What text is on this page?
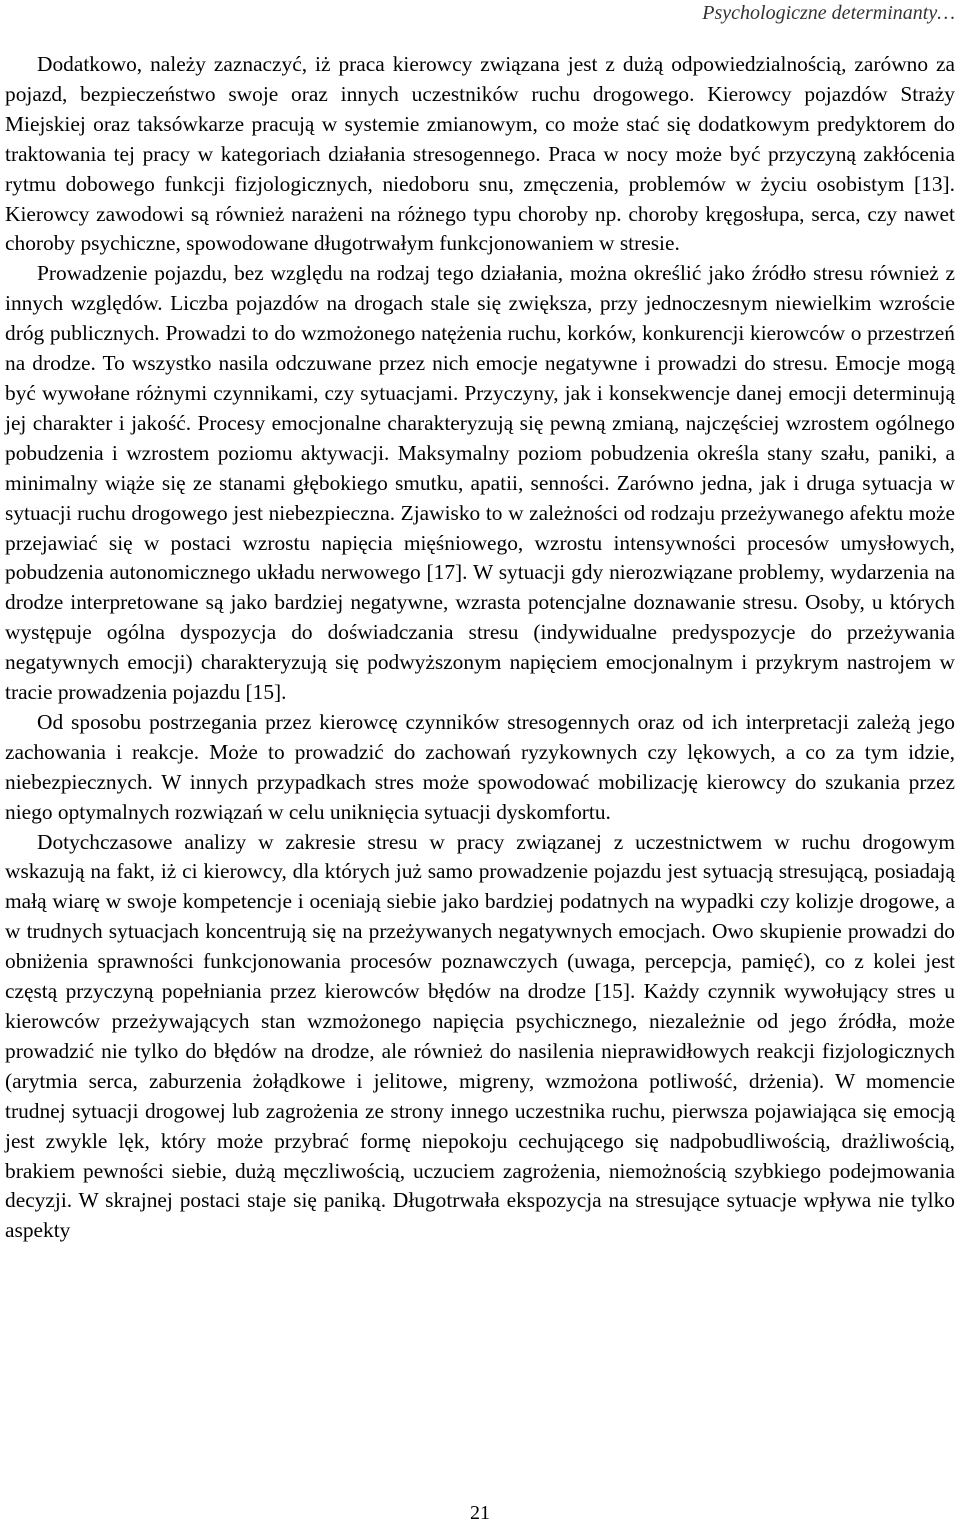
Psychologiczne determinanty…

Dodatkowo, należy zaznaczyć, iż praca kierowcy związana jest z dużą odpowiedzialnością, zarówno za pojazd, bezpieczeństwo swoje oraz innych uczestników ruchu drogowego. Kierowcy pojazdów Straży Miejskiej oraz taksówkarze pracują w systemie zmianowym, co może stać się dodatkowym predyktorem do traktowania tej pracy w kategoriach działania stresogennego. Praca w nocy może być przyczyną zakłócenia rytmu dobowego funkcji fizjologicznych, niedoboru snu, zmęczenia, problemów w życiu osobistym [13]. Kierowcy zawodowi są również narażeni na różnego typu choroby np. choroby kręgosłupa, serca, czy nawet choroby psychiczne, spowodowane długotrwałym funkcjonowaniem w stresie.

Prowadzenie pojazdu, bez względu na rodzaj tego działania, można określić jako źródło stresu również z innych względów. Liczba pojazdów na drogach stale się zwiększa, przy jednoczesnym niewielkim wzroście dróg publicznych. Prowadzi to do wzmożonego natężenia ruchu, korków, konkurencji kierowców o przestrzeń na drodze. To wszystko nasila odczuwane przez nich emocje negatywne i prowadzi do stresu. Emocje mogą być wywołane różnymi czynnikami, czy sytuacjami. Przyczyny, jak i konsekwencje danej emocji determinują jej charakter i jakość. Procesy emocjonalne charakteryzują się pewną zmianą, najczęściej wzrostem ogólnego pobudzenia i wzrostem poziomu aktywacji. Maksymalny poziom pobudzenia określa stany szału, paniki, a minimalny wiąże się ze stanami głębokiego smutku, apatii, senności. Zarówno jedna, jak i druga sytuacja w sytuacji ruchu drogowego jest niebezpieczna. Zjawisko to w zależności od rodzaju przeżywanego afektu może przejawiać się w postaci wzrostu napięcia mięśniowego, wzrostu intensywności procesów umysłowych, pobudzenia autonomicznego układu nerwowego [17]. W sytuacji gdy nierozwiązane problemy, wydarzenia na drodze interpretowane są jako bardziej negatywne, wzrasta potencjalne doznawanie stresu. Osoby, u których występuje ogólna dyspozycja do doświadczania stresu (indywidualne predyspozycje do przeżywania negatywnych emocji) charakteryzują się podwyższonym napięciem emocjonalnym i przykrym nastrojem w tracie prowadzenia pojazdu [15].

Od sposobu postrzegania przez kierowcę czynników stresogennych oraz od ich interpretacji zależą jego zachowania i reakcje. Może to prowadzić do zachowań ryzykownych czy lękowych, a co za tym idzie, niebezpiecznych. W innych przypadkach stres może spowodować mobilizację kierowcy do szukania przez niego optymalnych rozwiązań w celu uniknięcia sytuacji dyskomfortu.

Dotychczasowe analizy w zakresie stresu w pracy związanej z uczestnictwem w ruchu drogowym wskazują na fakt, iż ci kierowcy, dla których już samo prowadzenie pojazdu jest sytuacją stresującą, posiadają małą wiarę w swoje kompetencje i oceniają siebie jako bardziej podatnych na wypadki czy kolizje drogowe, a w trudnych sytuacjach koncentrują się na przeżywanych negatywnych emocjach. Owo skupienie prowadzi do obniżenia sprawności funkcjonowania procesów poznawczych (uwaga, percepcja, pamięć), co z kolei jest częstą przyczyną popełniania przez kierowców błędów na drodze [15]. Każdy czynnik wywołujący stres u kierowców przeżywających stan wzmożonego napięcia psychicznego, niezależnie od jego źródła, może prowadzić nie tylko do błędów na drodze, ale również do nasilenia nieprawidłowych reakcji fizjologicznych (arytmia serca, zaburzenia żołądkowe i jelitowe, migreny, wzmożona potliwość, drżenia). W momencie trudnej sytuacji drogowej lub zagrożenia ze strony innego uczestnika ruchu, pierwsza pojawiająca się emocją jest zwykle lęk, który może przybrać formę niepokoju cechującego się nadpobudliwością, drażliwością, brakiem pewności siebie, dużą męczliwością, uczuciem zagrożenia, niemożnością szybkiego podejmowania decyzji. W skrajnej postaci staje się paniką. Długotrwała ekspozycja na stresujące sytuacje wpływa nie tylko aspekty

21
